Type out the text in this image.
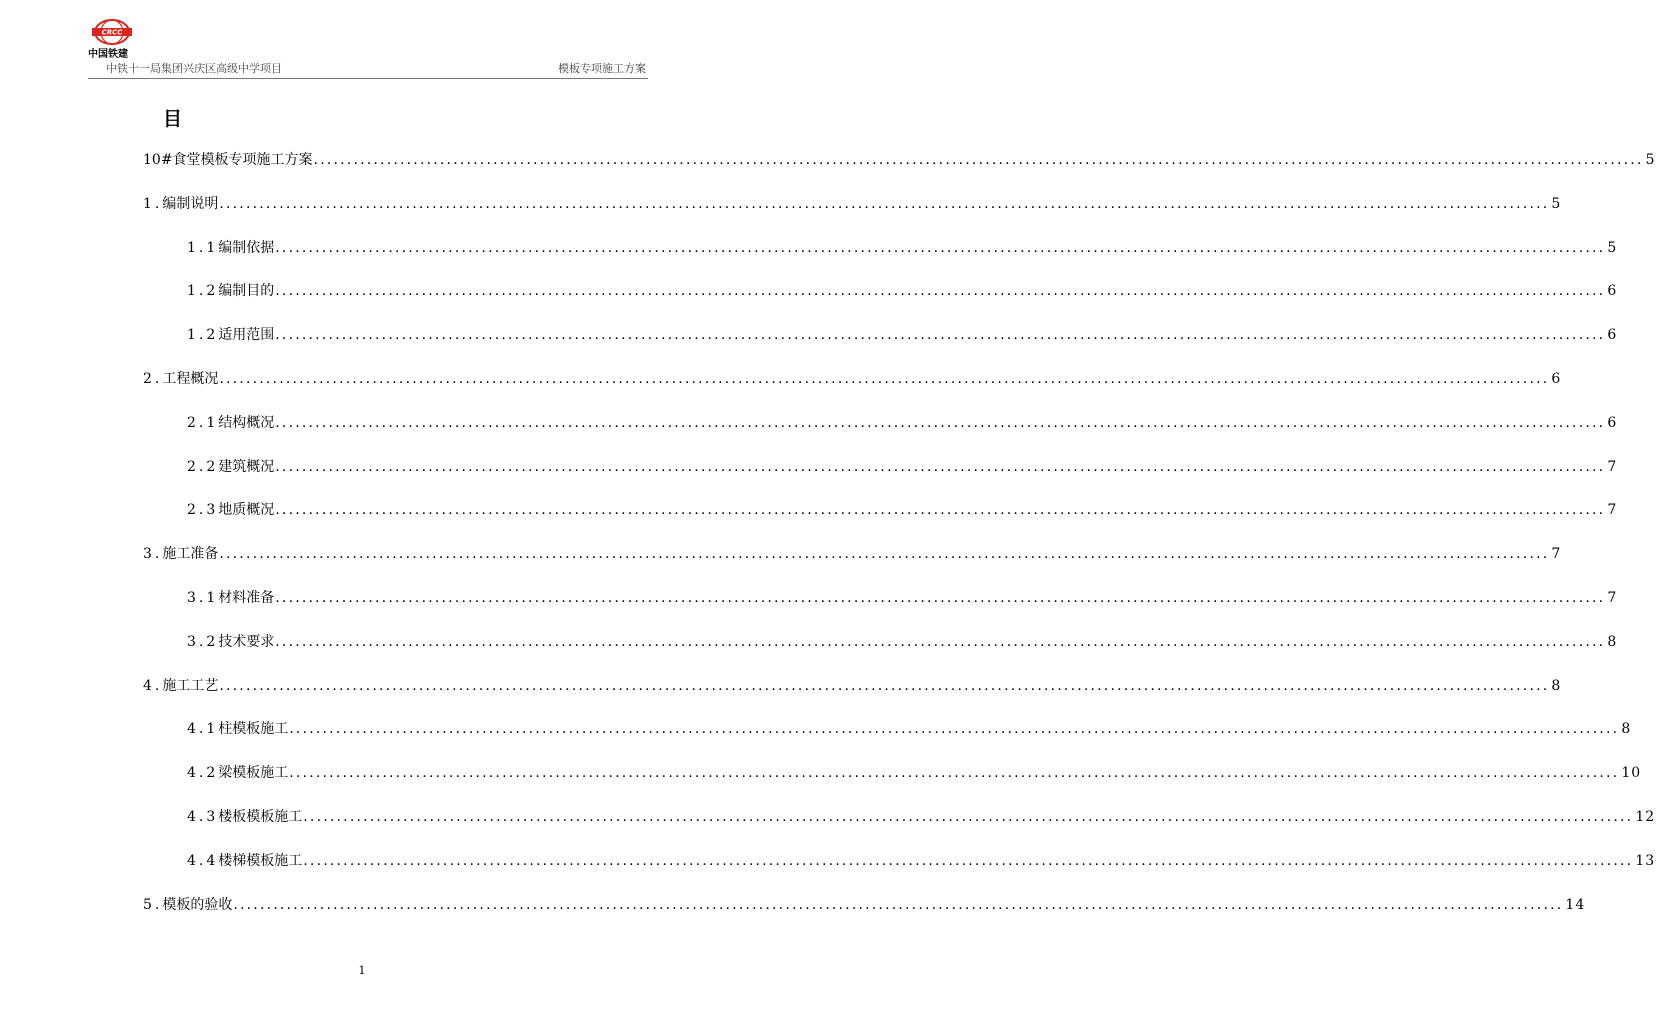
CRCC
中国铁建
中铁十一局集团兴庆区高级中学项目	模板专项施工方案
目
10#食堂模板专项施工方案 ........................................................................................................................................................................................................ 5
1. 编制说明 ........................................................................................................................................................................................................ 5
1.1 编制依据 ........................................................................................................................................................................................................ 5
1.2 编制目的 ........................................................................................................................................................................................................ 6
1.2 适用范围 ........................................................................................................................................................................................................ 6
2. 工程概况 ........................................................................................................................................................................................................ 6
2.1 结构概况 ........................................................................................................................................................................................................ 6
2.2 建筑概况 ........................................................................................................................................................................................................ 7
2.3 地质概况 ........................................................................................................................................................................................................ 7
3. 施工准备 ........................................................................................................................................................................................................ 7
3.1 材料准备 ........................................................................................................................................................................................................ 7
3.2 技术要求 ........................................................................................................................................................................................................ 8
4. 施工工艺 ........................................................................................................................................................................................................ 8
4.1 柱模板施工 ........................................................................................................................................................................................................ 8
4.2 梁模板施工 ........................................................................................................................................................................................................ 10
4.3 楼板模板施工 ........................................................................................................................................................................................................ 12
4.4 楼梯模板施工 ........................................................................................................................................................................................................ 13
5. 模板的验收 ........................................................................................................................................................................................................ 14
1
